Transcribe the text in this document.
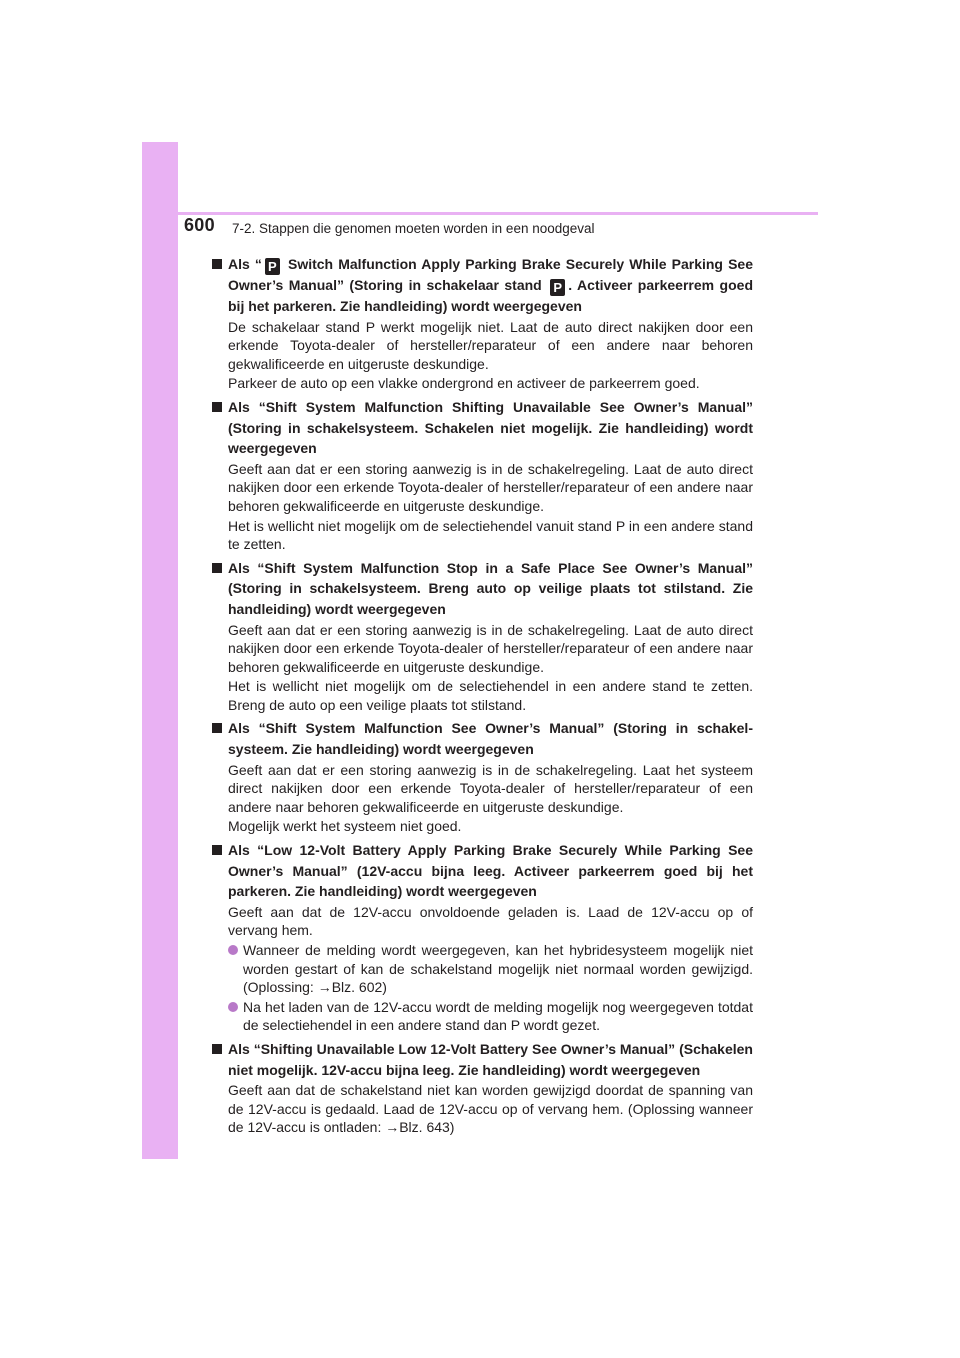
600 7-2. Stappen die genomen moeten worden in een noodgeval
Als “ P Switch Malfunction Apply Parking Brake Securely While Parking See Owner’s Manual” (Storing in schakelaar stand P . Activeer parkeerrem goed bij het parkeren. Zie handleiding) wordt weergegeven
De schakelaar stand P werkt mogelijk niet. Laat de auto direct nakijken door een erkende Toyota-dealer of hersteller/reparateur of een andere naar behoren gekwalificeerde en uitgeruste deskundige.
Parkeer de auto op een vlakke ondergrond en activeer de parkeerrem goed.
Als “Shift System Malfunction Shifting Unavailable See Owner’s Manual” (Storing in schakelsysteem. Schakelen niet mogelijk. Zie handleiding) wordt weergegeven
Geeft aan dat er een storing aanwezig is in de schakelregeling. Laat de auto direct nakijken door een erkende Toyota-dealer of hersteller/reparateur of een andere naar behoren gekwalificeerde en uitgeruste deskundige.
Het is wellicht niet mogelijk om de selectiehendel vanuit stand P in een andere stand te zetten.
Als “Shift System Malfunction Stop in a Safe Place See Owner’s Manual” (Storing in schakelsysteem. Breng auto op veilige plaats tot stilstand. Zie handleiding) wordt weergegeven
Geeft aan dat er een storing aanwezig is in de schakelregeling. Laat de auto direct nakijken door een erkende Toyota-dealer of hersteller/reparateur of een andere naar behoren gekwalificeerde en uitgeruste deskundige.
Het is wellicht niet mogelijk om de selectiehendel in een andere stand te zetten. Breng de auto op een veilige plaats tot stilstand.
Als “Shift System Malfunction See Owner’s Manual” (Storing in schakelsysteem. Zie handleiding) wordt weergegeven
Geeft aan dat er een storing aanwezig is in de schakelregeling. Laat het systeem direct nakijken door een erkende Toyota-dealer of hersteller/reparateur of een andere naar behoren gekwalificeerde en uitgeruste deskundige.
Mogelijk werkt het systeem niet goed.
Als “Low 12-Volt Battery Apply Parking Brake Securely While Parking See Owner’s Manual” (12V-accu bijna leeg. Activeer parkeerrem goed bij het parkeren. Zie handleiding) wordt weergegeven
Geeft aan dat de 12V-accu onvoldoende geladen is. Laad de 12V-accu op of vervang hem.
Wanneer de melding wordt weergegeven, kan het hybridesysteem mogelijk niet worden gestart of kan de schakelstand mogelijk niet normaal worden gewijzigd. (Oplossing: →Blz. 602)
Na het laden van de 12V-accu wordt de melding mogelijk nog weergegeven totdat de selectiehendel in een andere stand dan P wordt gezet.
Als “Shifting Unavailable Low 12-Volt Battery See Owner’s Manual” (Schakelen niet mogelijk. 12V-accu bijna leeg. Zie handleiding) wordt weergegeven
Geeft aan dat de schakelstand niet kan worden gewijzigd doordat de spanning van de 12V-accu is gedaald. Laad de 12V-accu op of vervang hem. (Oplossing wanneer de 12V-accu is ontladen: →Blz. 643)
